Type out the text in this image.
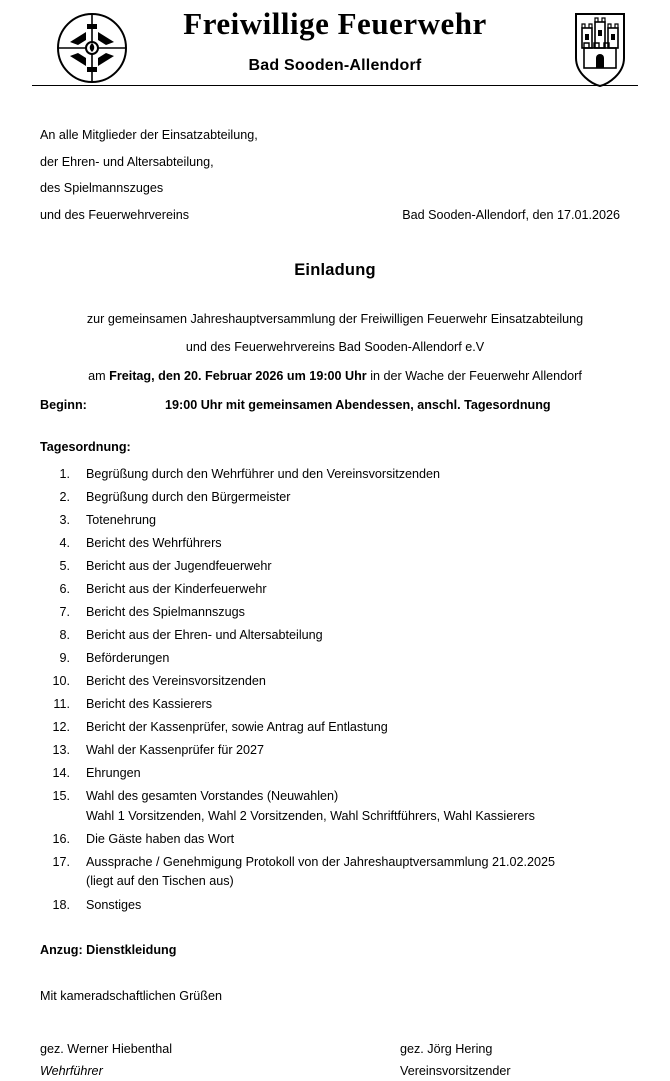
Freiwillige Feuerwehr
Bad Sooden-Allendorf
An alle Mitglieder der Einsatzabteilung,
der Ehren- und Altersabteilung,
des Spielmannszuges
und des Feuerwehrvereins	Bad Sooden-Allendorf, den 17.01.2026
Einladung

zur gemeinsamen Jahreshauptversammlung der Freiwilligen Feuerwehr Einsatzabteilung

und des Feuerwehrvereins Bad Sooden-Allendorf e.V

am Freitag, den 20. Februar 2026 um 19:00 Uhr in der Wache der Feuerwehr Allendorf

Beginn:	19:00 Uhr mit gemeinsamen Abendessen, anschl. Tagesordnung
Tagesordnung:
1.	Begrüßung durch den Wehrführer und den Vereinsvorsitzenden
2.	Begrüßung durch den Bürgermeister
3.	Totenehrung
4.	Bericht des Wehrführers
5.	Bericht aus der Jugendfeuerwehr
6.	Bericht aus der Kinderfeuerwehr
7.	Bericht des Spielmannszugs
8.	Bericht aus der Ehren- und Altersabteilung
9.	Beförderungen
10.	Bericht des Vereinsvorsitzenden
11.	Bericht des Kassierers
12.	Bericht der Kassenprüfer, sowie Antrag auf Entlastung
13.	Wahl der Kassenprüfer für 2027
14.	Ehrungen
15.	Wahl des gesamten Vorstandes (Neuwahlen)
Wahl 1 Vorsitzenden, Wahl 2 Vorsitzenden, Wahl Schriftführers, Wahl Kassierers
16.	Die Gäste haben das Wort
17.	Aussprache / Genehmigung Protokoll von der Jahreshauptversammlung 21.02.2025
(liegt auf den Tischen aus)
18.	Sonstiges
Anzug: Dienstkleidung
Mit kameradschaftlichen Grüßen
gez. Werner Hiebenthal
Wehrführer
gez. Jörg Hering
Vereinsvorsitzender
